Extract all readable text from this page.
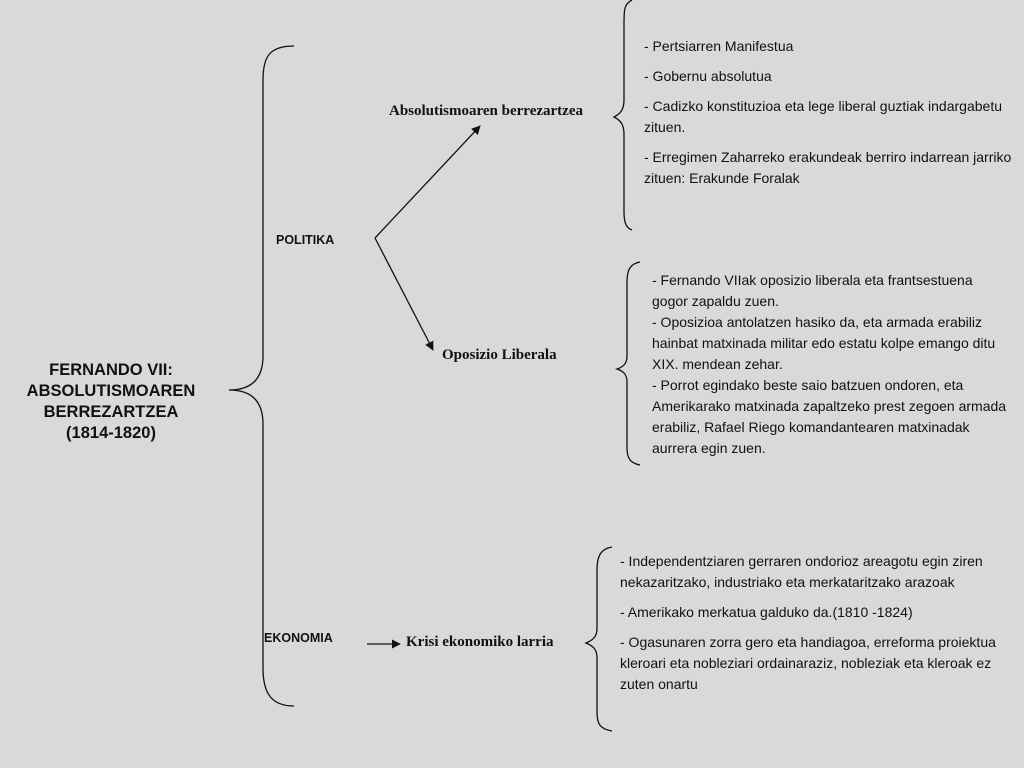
FERNANDO VII:
ABSOLUTISMOAREN
BERREZARTZEA
(1814-1820)
POLITIKA
EKONOMIA
Absolutismoaren berrezartzea
Oposizio Liberala
Krisi ekonomiko larria

- Pertsiarren Manifestua

- Gobernu absolutua

- Cadizko konstituzioa eta lege liberal guztiak indargabetu zituen.

- Erregimen Zaharreko erakundeak berriro indarrean jarriko zituen: Erakunde Foralak

- Fernando VIIak oposizio liberala eta frantsestuena gogor zapaldu zuen.

- Oposizioa antolatzen hasiko da, eta armada erabiliz hainbat matxinada militar edo estatu kolpe emango ditu XIX. mendean zehar.

- Porrot egindako beste saio batzuen ondoren, eta Amerikarako matxinada zapaltzeko prest zegoen armada erabiliz, Rafael Riego komandantearen matxinadak aurrera egin zuen.

- Independentziaren gerraren ondorioz areagotu egin ziren nekazaritzako, industriako eta merkataritzako arazoak

- Amerikako merkatua galduko da.(1810 -1824)

- Ogasunaren zorra gero eta handiagoa, erreforma proiektua kleroari eta nobleziari ordainaraziz, nobleziak eta kleroak ez zuten onartu
